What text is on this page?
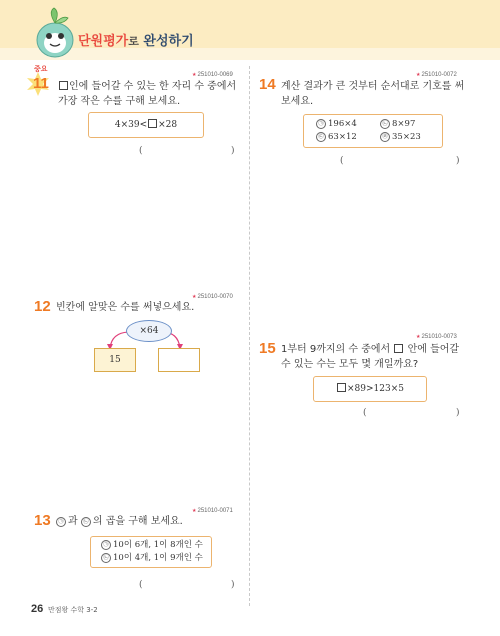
단원평가로 완성하기
중요
11
★	251010-0069
인에 들어갈 수 있는 한 자리 수 중에서 가장 작은 수를 구해 보세요.
4×39< ×28
(	)
★ 251010-0070
12 빈칸에 알맞은 수를 써넣으세요.
×64
15
★ 251010-0071
13	㉠ 과 ㉡ 의 곱을 구해 보세요.
㉠ 10이 6개, 1이 8개인 수
㉡ 10이 4개, 1이 9개인 수
(	)
★ 251010-0072
14 계산 결과가 큰 것부터 순서대로 기호를 써 보세요.
㉠ 196×4	㉡ 8×97
㉢ 63×12	㉣ 35×23
(	)
★ 251010-0073
15 1부터 9까지의 수 중에서 안에 들어갈 수 있는 수는 모두 몇 개일까요?
×89>123×5
(	)
26 만점왕 수학 3-2
